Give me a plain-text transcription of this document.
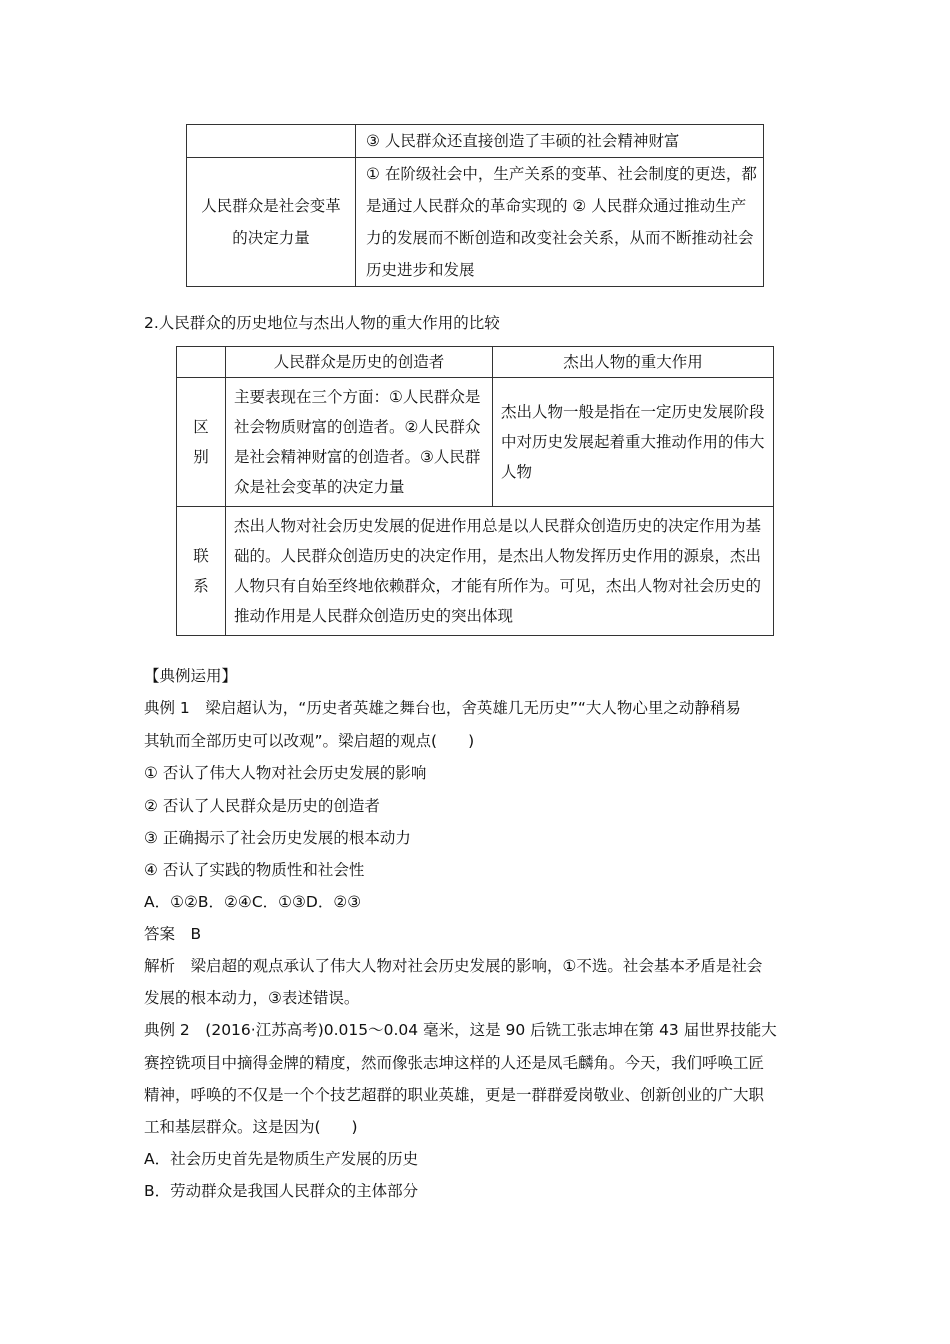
	③ 人民群众还直接创造了丰硕的社会精神财富

人民群众是社会变革的决定力量	① 在阶级社会中，生产关系的变革、社会制度的更迭，都是通过人民群众的革命实现的 ② 人民群众通过推动生产力的发展而不断创造和改变社会关系，从而不断推动社会历史进步和发展
2.人民群众的历史地位与杰出人物的重大作用的比较
	人民群众是历史的创造者	杰出人物的重大作用

区别	主要表现在三个方面：①人民群众是社会物质财富的创造者。②人民群众是社会精神财富的创造者。③人民群众是社会变革的决定力量	杰出人物一般是指在一定历史发展阶段中对历史发展起着重大推动作用的伟大人物

联系	杰出人物对社会历史发展的促进作用总是以人民群众创造历史的决定作用为基础的。人民群众创造历史的决定作用，是杰出人物发挥历史作用的源泉，杰出人物只有自始至终地依赖群众，才能有所作为。可见，杰出人物对社会历史的推动作用是人民群众创造历史的突出体现	
【典例运用】
典例 1　梁启超认为，“历史者英雄之舞台也，舍英雄几无历史”“大人物心里之动静稍易
其轨而全部历史可以改观”。梁启超的观点(　　)
① 否认了伟大人物对社会历史发展的影响
② 否认了人民群众是历史的创造者
③ 正确揭示了社会历史发展的根本动力
④ 否认了实践的物质性和社会性
A．①②B．②④C．①③D．②③
答案　B
解析　梁启超的观点承认了伟大人物对社会历史发展的影响，①不选。社会基本矛盾是社会
发展的根本动力，③表述错误。
典例 2　(2016·江苏高考)0.015～0.04 毫米，这是 90 后铣工张志坤在第 43 届世界技能大
赛控铣项目中摘得金牌的精度，然而像张志坤这样的人还是凤毛麟角。今天，我们呼唤工匠
精神，呼唤的不仅是一个个技艺超群的职业英雄，更是一群群爱岗敬业、创新创业的广大职
工和基层群众。这是因为(　　)
A．社会历史首先是物质生产发展的历史
B．劳动群众是我国人民群众的主体部分
